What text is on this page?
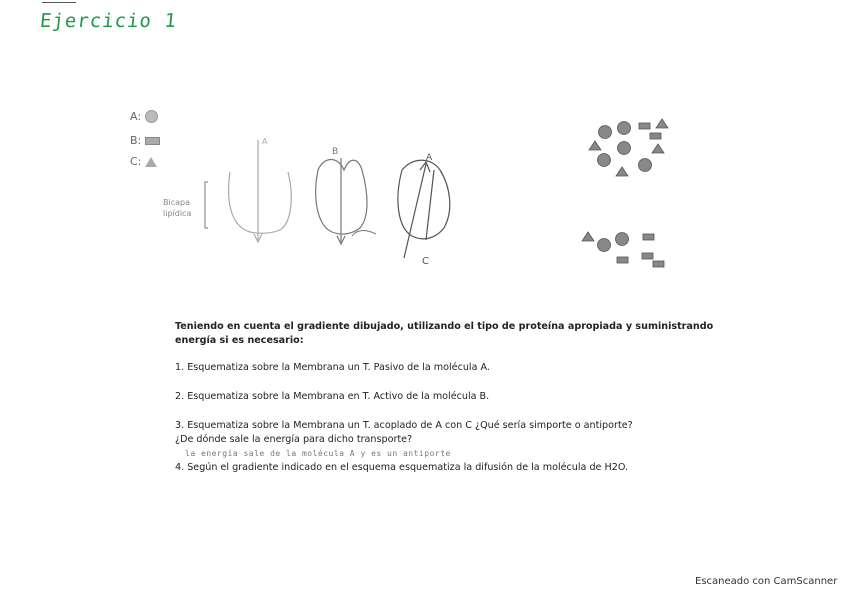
Ejercicio 1
A:
B:
C:
Bicapa
lipídica
A
B
A
C
Teniendo en cuenta el gradiente dibujado, utilizando el tipo de proteína apropiada y suministrando
energía si es necesario:
1. Esquematiza sobre la Membrana un T. Pasivo de la molécula A.
2. Esquematiza sobre la Membrana en T. Activo de la molécula B.
3. Esquematiza sobre la Membrana un T. acoplado de A con C ¿Qué sería simporte o antiporte?
¿De dónde sale la energía para dicho transporte?
la energía sale de la molécula A y es un antiporte
4. Según el gradiente indicado en el esquema esquematiza la difusión de la molécula de H2O.
Escaneado con CamScanner
